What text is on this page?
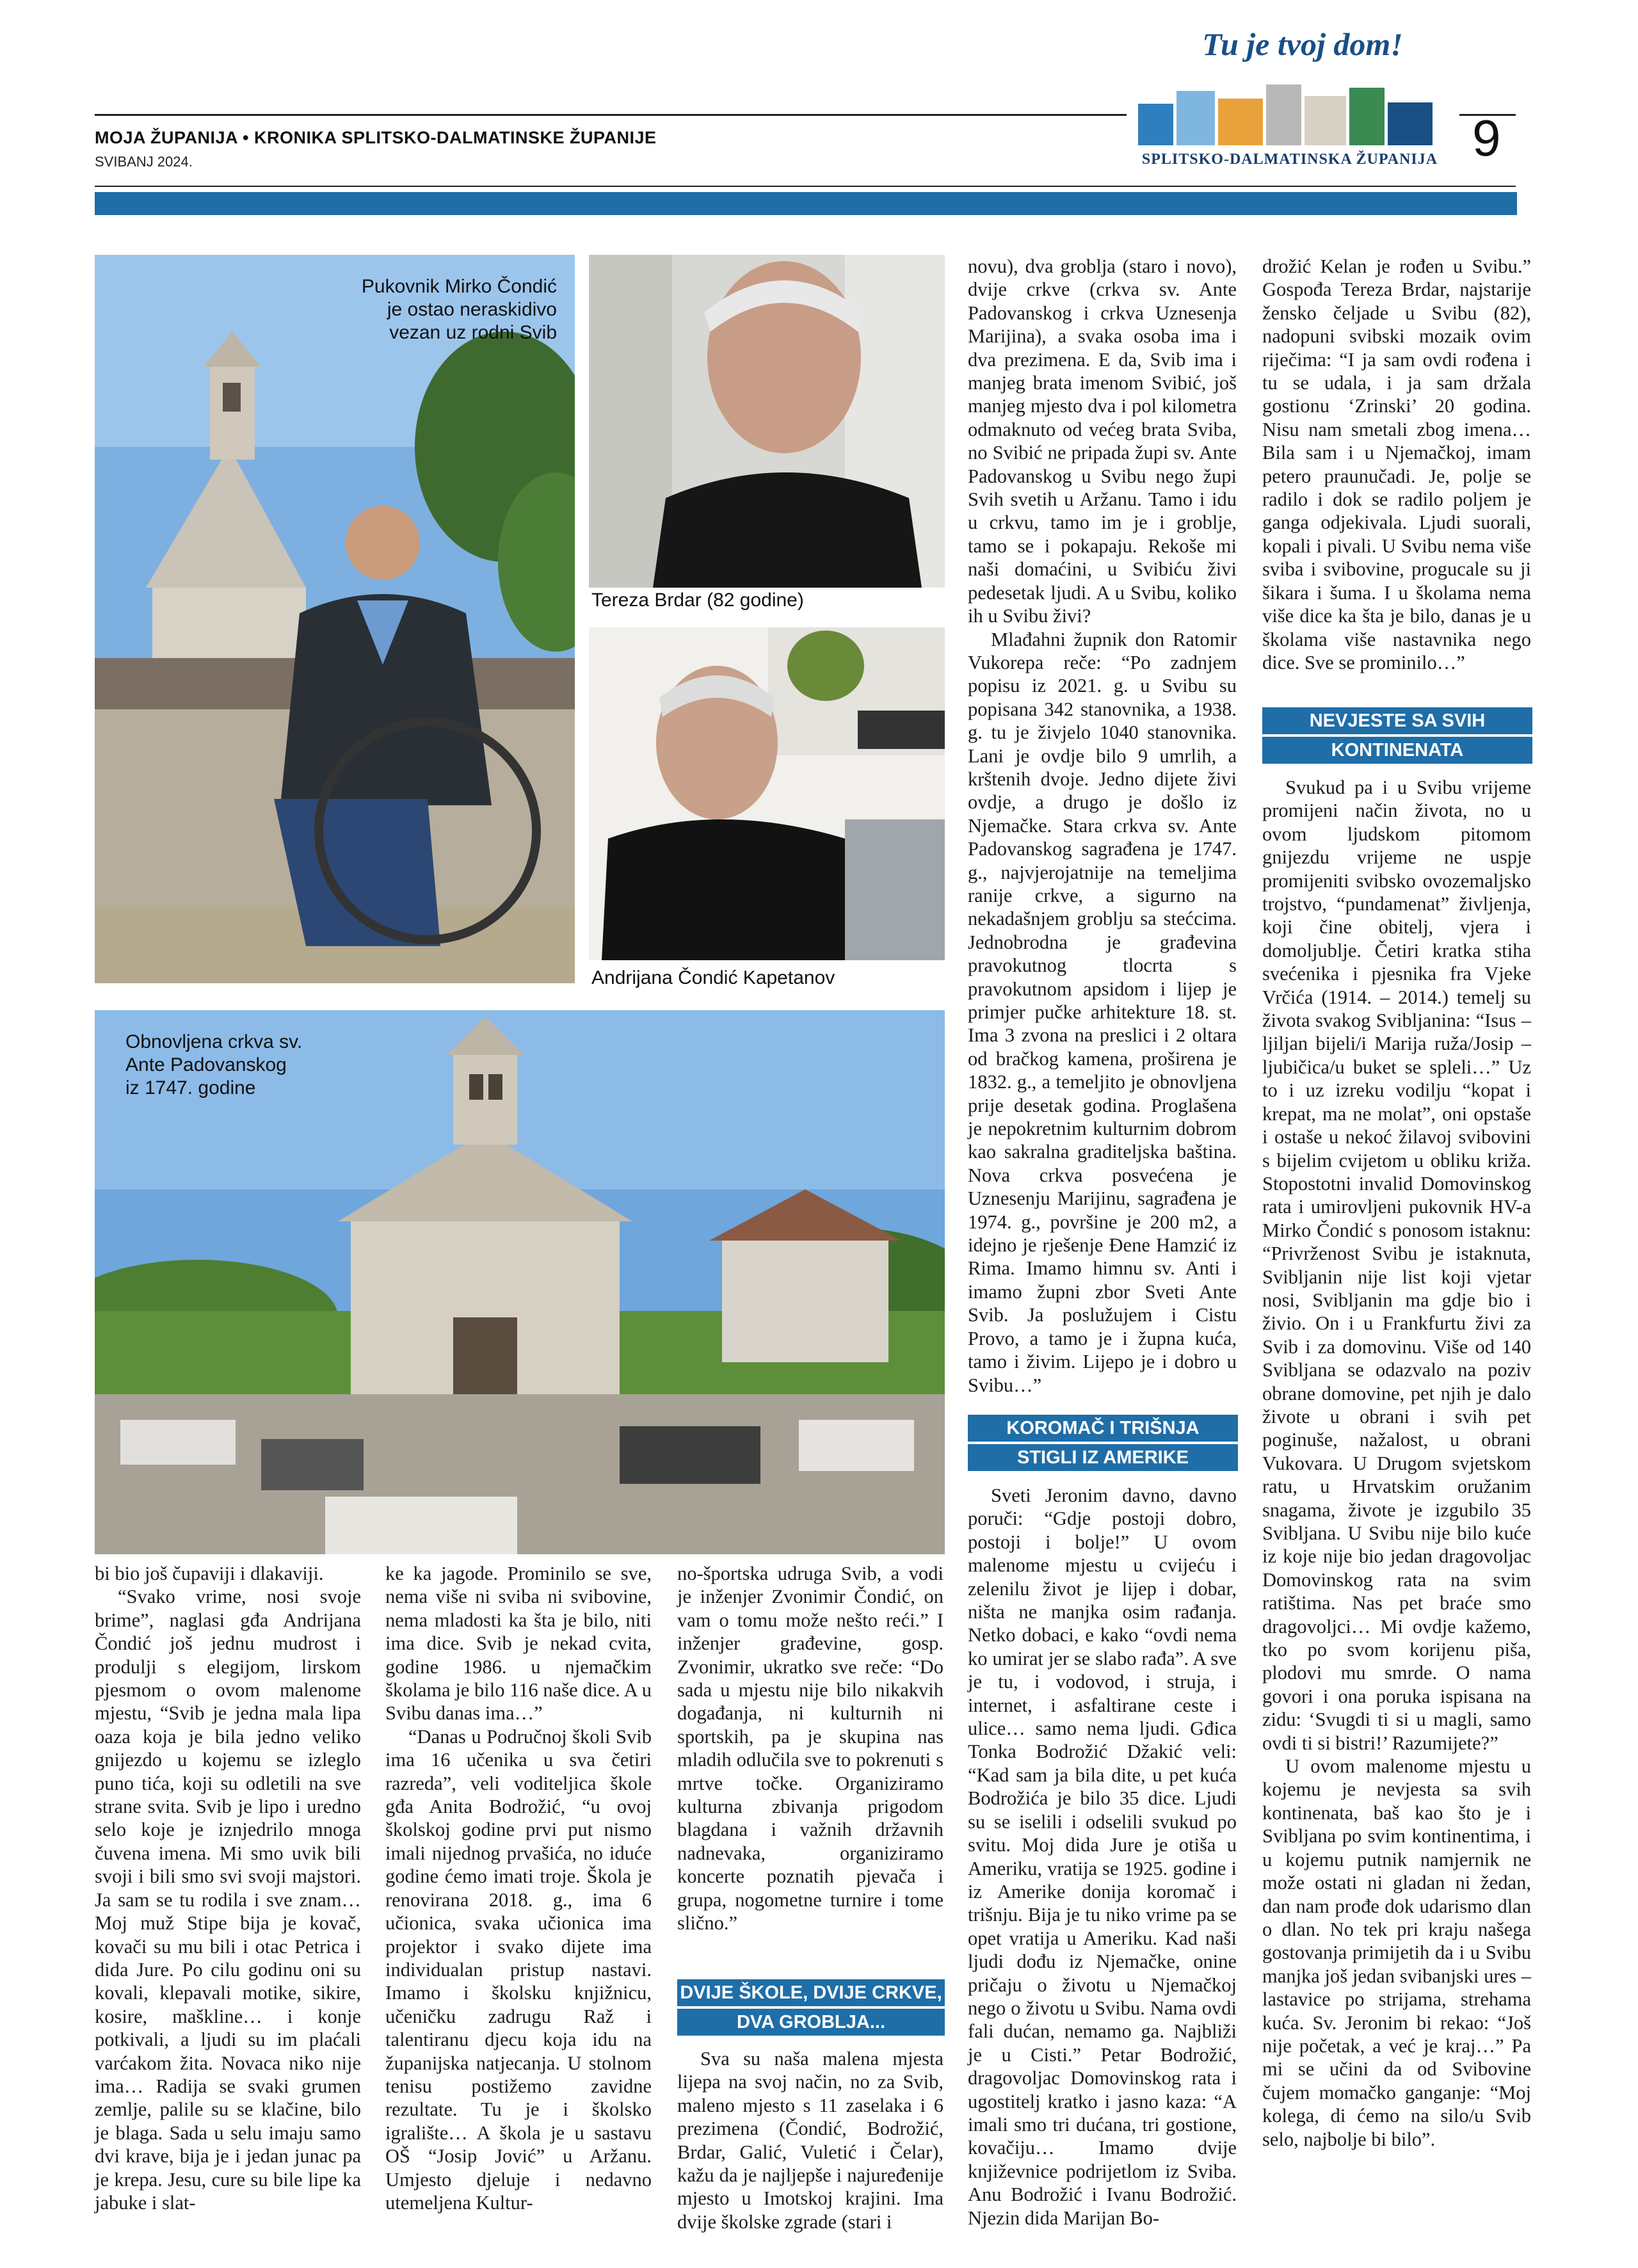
MOJA ŽUPANIJA • KRONIKA SPLITSKO-DALMATINSKE ŽUPANIJE
SVIBANJ 2024.	9
Tu je tvoj dom!
SPLITSKO-DALMATINSKA ŽUPANIJA
Pukovnik Mirko Čondić je ostao neraskidivo vezan uz rodni Svib
Tereza Brdar (82 godine)
Andrijana Čondić Kapetanov
Obnovljena crkva sv. Ante Padovanskog iz 1747. godine

bi bio još čupaviji i dlakaviji.

“Svako vrime, nosi svoje brime”, naglasi gđa Andrijana Čondić još jednu mudrost i produlji s elegijom, lirskom pjesmom o ovom malenome mjestu, “Svib je jedna mala lipa oaza koja je bila jedno veliko gnijezdo u kojemu se izleglo puno tića, koji su odletili na sve strane svita. Svib je lipo i uredno selo koje je iznjedrilo mnoga čuvena imena. Mi smo uvik bili svoji i bili smo svi svoji majstori. Ja sam se tu rodila i sve znam… Moj muž Stipe bija je kovač, kovači su mu bili i otac Petrica i dida Jure. Po cilu godinu oni su kovali, klepavali motike, sikire, kosire, maškline… i konje potkivali, a ljudi su im plaćali varćakom žita. Novaca niko nije ima… Radija se svaki grumen zemlje, palile su se klačine, bilo je blaga. Sada u selu imaju samo dvi krave, bija je i jedan junac pa je krepa. Jesu, cure su bile lipe ka jabuke i slat-

ke ka jagode. Prominilo se sve, nema više ni sviba ni svibovine, nema mladosti ka šta je bilo, niti ima dice. Svib je nekad cvita, godine 1986. u njemačkim školama je bilo 116 naše dice. A u Svibu danas ima…”

“Danas u Područnoj školi Svib ima 16 učenika u sva četiri razreda”, veli voditeljica škole gđa Anita Bodrožić, “u ovoj školskoj godine prvi put nismo imali nijednog prvašića, no iduće godine ćemo imati troje. Škola je renovirana 2018. g., ima 6 učionica, svaka učionica ima projektor i svako dijete ima individualan pristup nastavi. Imamo i školsku knjižnicu, učeničku zadrugu Raž i talentiranu djecu koja idu na županijska natjecanja. U stolnom tenisu postižemo zavidne rezultate. Tu je i školsko igralište… A škola je u sastavu OŠ “Josip Jović” u Aržanu. Umjesto djeluje i nedavno utemeljena Kultur-

no-športska udruga Svib, a vodi je inženjer Zvonimir Čondić, on vam o tomu može nešto reći.” I inženjer građevine, gosp. Zvonimir, ukratko sve reče: “Do sada u mjestu nije bilo nikakvih događanja, ni kulturnih ni sportskih, pa je skupina nas mladih odlučila sve to pokrenuti s mrtve točke. Organiziramo kulturna zbivanja prigodom blagdana i važnih državnih nadnevaka, organiziramo koncerte poznatih pjevača i grupa, nogometne turnire i tome slično.”

DVIJE ŠKOLE, DVIJE CRKVE,

DVA GROBLJA...

Sva su naša malena mjesta lijepa na svoj način, no za Svib, maleno mjesto s 11 zaselaka i 6 prezimena (Čondić, Bodrožić, Brdar, Galić, Vuletić i Čelar), kažu da je najljepše i najuređenije mjesto u Imotskoj krajini. Ima dvije školske zgrade (stari i

novu), dva groblja (staro i novo), dvije crkve (crkva sv. Ante Padovanskog i crkva Uznesenja Marijina), a svaka osoba ima i dva prezimena. E da, Svib ima i manjeg brata imenom Svibić, još manjeg mjesto dva i pol kilometra odmaknuto od većeg brata Sviba, no Svibić ne pripada župi sv. Ante Padovanskog u Svibu nego župi Svih svetih u Aržanu. Tamo i idu u crkvu, tamo im je i groblje, tamo se i pokapaju. Rekoše mi naši domaćini, u Svibiću živi pedesetak ljudi. A u Svibu, koliko ih u Svibu živi?

Mlađahni župnik don Ratomir Vukorepa reče: “Po zadnjem popisu iz 2021. g. u Svibu su popisana 342 stanovnika, a 1938. g. tu je živjelo 1040 stanovnika. Lani je ovdje bilo 9 umrlih, a krštenih dvoje. Jedno dijete živi ovdje, a drugo je došlo iz Njemačke. Stara crkva sv. Ante Padovanskog sagrađena je 1747. g., najvjerojatnije na temeljima ranije crkve, a sigurno na nekadašnjem groblju sa stećcima. Jednobrodna je građevina pravokutnog tlocrta s pravokutnom apsidom i lijep je primjer pučke arhitekture 18. st. Ima 3 zvona na preslici i 2 oltara od bračkog kamena, proširena je 1832. g., a temeljito je obnovljena prije desetak godina. Proglašena je nepokretnim kulturnim dobrom kao sakralna graditeljska baština. Nova crkva posvećena je Uznesenju Marijinu, sagrađena je 1974. g., površine je 200 m2, a idejno je rješenje Đene Hamzić iz Rima. Imamo himnu sv. Anti i imamo župni zbor Sveti Ante Svib. Ja poslužujem i Cistu Provo, a tamo je i župna kuća, tamo i živim. Lijepo je i dobro u Svibu…”

KOROMAČ I TRIŠNJA

STIGLI IZ AMERIKE

Sveti Jeronim davno, davno poruči: “Gdje postoji dobro, postoji i bolje!” U ovom malenome mjestu u cvijeću i zelenilu život je lijep i dobar, ništa ne manjka osim rađanja. Netko dobaci, e kako “ovdi nema ko umirat jer se slabo rađa”. A sve je tu, i vodovod, i struja, i internet, i asfaltirane ceste i ulice… samo nema ljudi. Gđica Tonka Bodrožić Džakić veli: “Kad sam ja bila dite, u pet kuća Bodrožića je bilo 35 dice. Ljudi su se iselili i odselili svukud po svitu. Moj dida Jure je otiša u Ameriku, vratija se 1925. godine i iz Amerike donija koromač i trišnju. Bija je tu niko vrime pa se opet vratija u Ameriku. Kad naši ljudi dođu iz Njemačke, onine pričaju o životu u Njemačkoj nego o životu u Svibu. Nama ovdi fali dućan, nemamo ga. Najbliži je u Cisti.” Petar Bodrožić, dragovoljac Domovinskog rata i ugostitelj kratko i jasno kaza: “A imali smo tri dućana, tri gostione, kovačiju… Imamo dvije književnice podrijetlom iz Sviba. Anu Bodrožić i Ivanu Bodrožić. Njezin dida Marijan Bo-

drožić Kelan je rođen u Svibu.” Gospođa Tereza Brdar, najstarije žensko čeljade u Svibu (82), nadopuni svibski mozaik ovim riječima: “I ja sam ovdi rođena i tu se udala, i ja sam držala gostionu ‘Zrinski’ 20 godina. Nisu nam smetali zbog imena… Bila sam i u Njemačkoj, imam petero praunučadi. Je, polje se radilo i dok se radilo poljem je ganga odjekivala. Ljudi suorali, kopali i pivali. U Svibu nema više sviba i svibovine, progucale su ji šikara i šuma. I u školama nema više dice ka šta je bilo, danas je u školama više nastavnika nego dice. Sve se prominilo…”

NEVJESTE SA SVIH

KONTINENATA

Svukud pa i u Svibu vrijeme promijeni način života, no u ovom ljudskom pitomom gnijezdu vrijeme ne uspje promijeniti svibsko ovozemaljsko trojstvo, “pundamenat” življenja, koji čine obitelj, vjera i domoljublje. Četiri kratka stiha svećenika i pjesnika fra Vjeke Vrčića (1914. – 2014.) temelj su života svakog Svibljanina: “Isus – ljiljan bijeli/i Marija ruža/Josip – ljubičica/u buket se spleli…” Uz to i uz izreku vodilju “kopat i krepat, ma ne molat”, oni opstaše i ostaše u nekoć žilavoj svibovini s bijelim cvijetom u obliku križa. Stopostotni invalid Domovinskog rata i umirovljeni pukovnik HV-a Mirko Čondić s ponosom istaknu: “Privrženost Svibu je istaknuta, Svibljanin nije list koji vjetar nosi, Svibljanin ma gdje bio i živio. On i u Frankfurtu živi za Svib i za domovinu. Više od 140 Svibljana se odazvalo na poziv obrane domovine, pet njih je dalo živote u obrani i svih pet poginuše, nažalost, u obrani Vukovara. U Drugom svjetskom ratu, u Hrvatskim oružanim snagama, živote je izgubilo 35 Svibljana. U Svibu nije bilo kuće iz koje nije bio jedan dragovoljac Domovinskog rata na svim ratištima. Nas pet braće smo dragovoljci… Mi ovdje kažemo, tko po svom korijenu piša, plodovi mu smrde. O nama govori i ona poruka ispisana na zidu: ‘Svugdi ti si u magli, samo ovdi ti si bistri!’ Razumijete?”

U ovom malenome mjestu u kojemu je nevjesta sa svih kontinenata, baš kao što je i Svibljana po svim kontinentima, i u kojemu putnik namjernik ne može ostati ni gladan ni žedan, dan nam prođe dok udarismo dlan o dlan. No tek pri kraju našega gostovanja primijetih da i u Svibu manjka još jedan svibanjski ures – lastavice po strijama, strehama kuća. Sv. Jeronim bi rekao: “Još nije početak, a već je kraj…” Pa mi se učini da od Svibovine čujem momačko ganganje: “Moj kolega, di ćemo na silo/u Svib selo, najbolje bi bilo”.
